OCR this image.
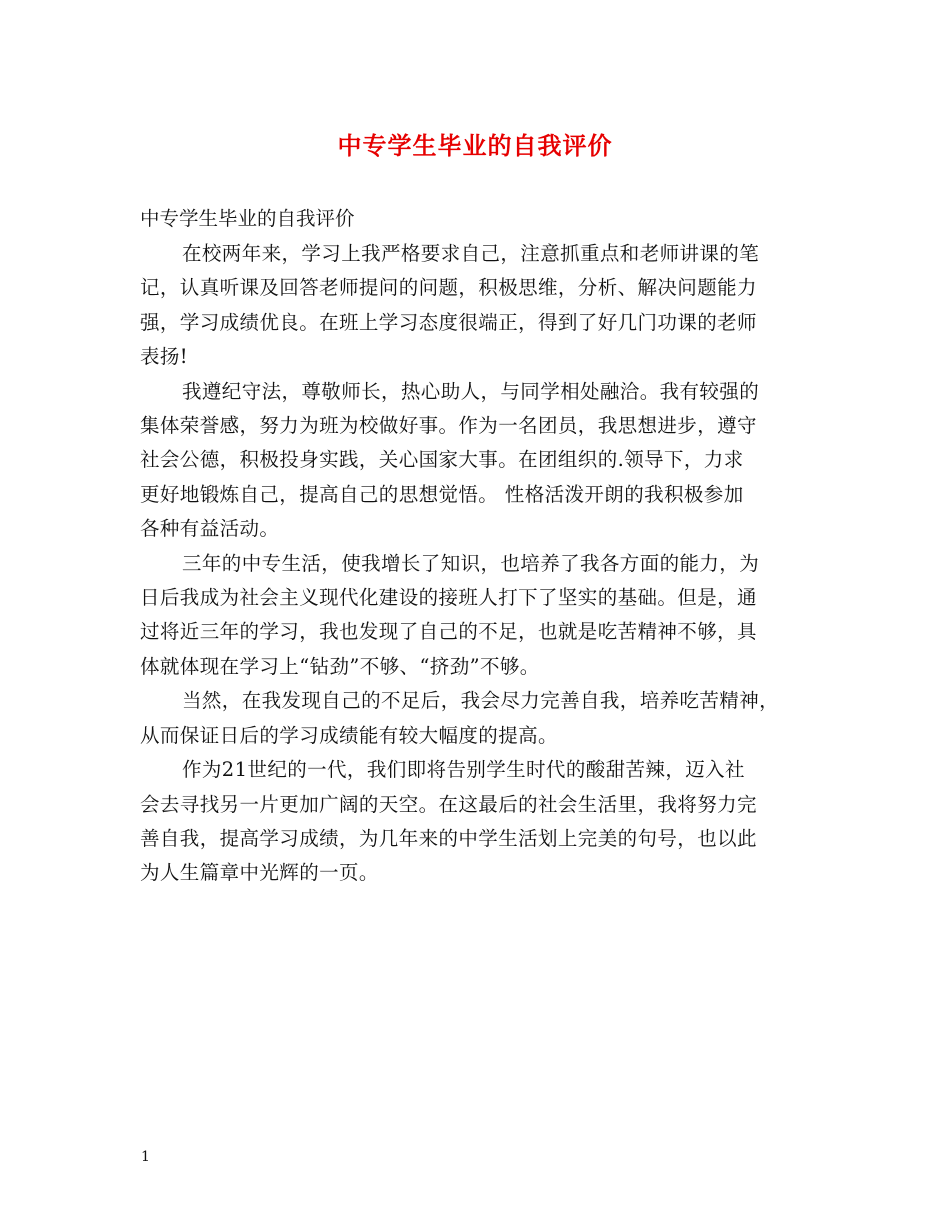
中专学生毕业的自我评价
中专学生毕业的自我评价
在校两年来，学习上我严格要求自己，注意抓重点和老师讲课的笔
记，认真听课及回答老师提问的问题，积极思维，分析、解决问题能力
强，学习成绩优良。在班上学习态度很端正，得到了好几门功课的老师
表扬!
我遵纪守法，尊敬师长，热心助人，与同学相处融洽。我有较强的
集体荣誉感，努力为班为校做好事。作为一名团员，我思想进步，遵守
社会公德，积极投身实践，关心国家大事。在团组织的.领导下，力求
更好地锻炼自己，提高自己的思想觉悟。 性格活泼开朗的我积极参加
各种有益活动。
三年的中专生活，使我增长了知识，也培养了我各方面的能力，为
日后我成为社会主义现代化建设的接班人打下了坚实的基础。但是，通
过将近三年的学习，我也发现了自己的不足，也就是吃苦精神不够，具
体就体现在学习上“钻劲”不够、“挤劲”不够。
当然，在我发现自己的不足后，我会尽力完善自我，培养吃苦精神，
从而保证日后的学习成绩能有较大幅度的提高。
作为21世纪的一代，我们即将告别学生时代的酸甜苦辣，迈入社
会去寻找另一片更加广阔的天空。在这最后的社会生活里，我将努力完
善自我，提高学习成绩，为几年来的中学生活划上完美的句号，也以此
为人生篇章中光辉的一页。
1
